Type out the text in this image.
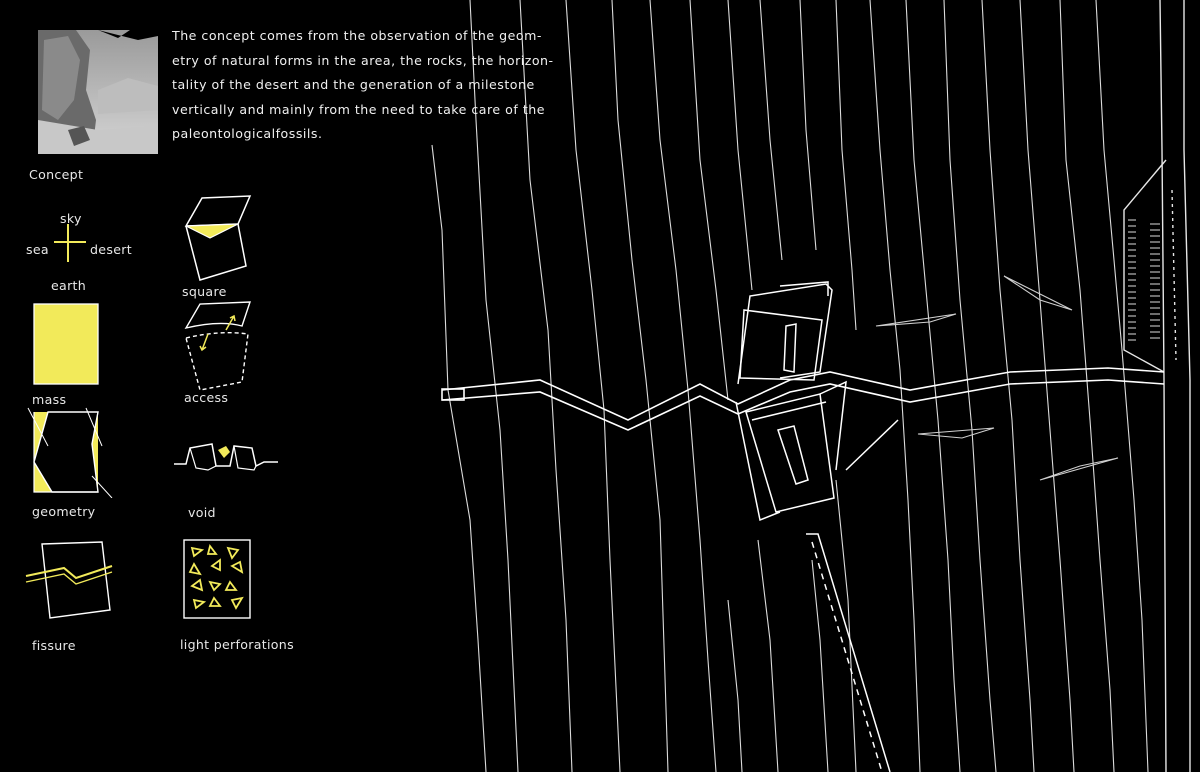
The concept comes from the observation of the geom-
etry of natural forms in the area, the rocks, the horizon-
tality of the desert and the generation of a milestone
vertically and mainly from the need to take care of the
paleontologicalfossils.

Concept
sky
sea	desert
earth	square
mass	access
geometry	void
fissure	light perforations
